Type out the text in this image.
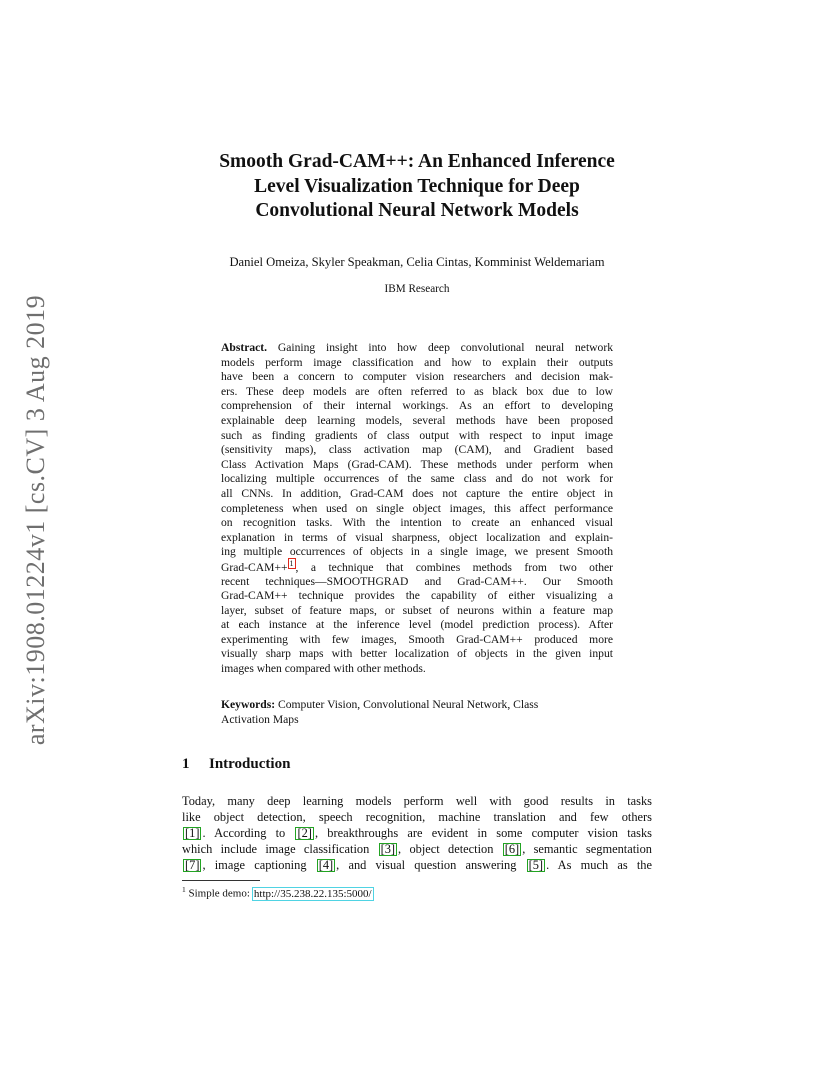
arXiv:1908.01224v1 [cs.CV] 3 Aug 2019
Smooth Grad-CAM++: An Enhanced Inference
Level Visualization Technique for Deep
Convolutional Neural Network Models
Daniel Omeiza, Skyler Speakman, Celia Cintas, Komminist Weldemariam
IBM Research
Abstract. Gaining insight into how deep convolutional neural network
models perform image classification and how to explain their outputs
have been a concern to computer vision researchers and decision mak-
ers. These deep models are often referred to as black box due to low
comprehension of their internal workings. As an effort to developing
explainable deep learning models, several methods have been proposed
such as finding gradients of class output with respect to input image
(sensitivity maps), class activation map (CAM), and Gradient based
Class Activation Maps (Grad-CAM). These methods under perform when
localizing multiple occurrences of the same class and do not work for
all CNNs. In addition, Grad-CAM does not capture the entire object in
completeness when used on single object images, this affect performance
on recognition tasks. With the intention to create an enhanced visual
explanation in terms of visual sharpness, object localization and explain-
ing multiple occurrences of objects in a single image, we present Smooth
Grad-CAM++ $^1$ , a technique that combines methods from two other
recent techniques—SMOOTHGRAD and Grad-CAM++. Our Smooth
Grad-CAM++ technique provides the capability of either visualizing a
layer, subset of feature maps, or subset of neurons within a feature map
at each instance at the inference level (model prediction process). After
experimenting with few images, Smooth Grad-CAM++ produced more
visually sharp maps with better localization of objects in the given input
images when compared with other methods.
Keywords: Computer Vision, Convolutional Neural Network, Class
Activation Maps
1 Introduction
Today, many deep learning models perform well with good results in tasks
like object detection, speech recognition, machine translation and few others
[1] . According to [2] , breakthroughs are evident in some computer vision tasks
which include image classification [3] , object detection [6] , semantic segmentation
[7] , image captioning [4] , and visual question answering [5] . As much as the
$^1$ Simple demo: http://35.238.22.135:5000/
